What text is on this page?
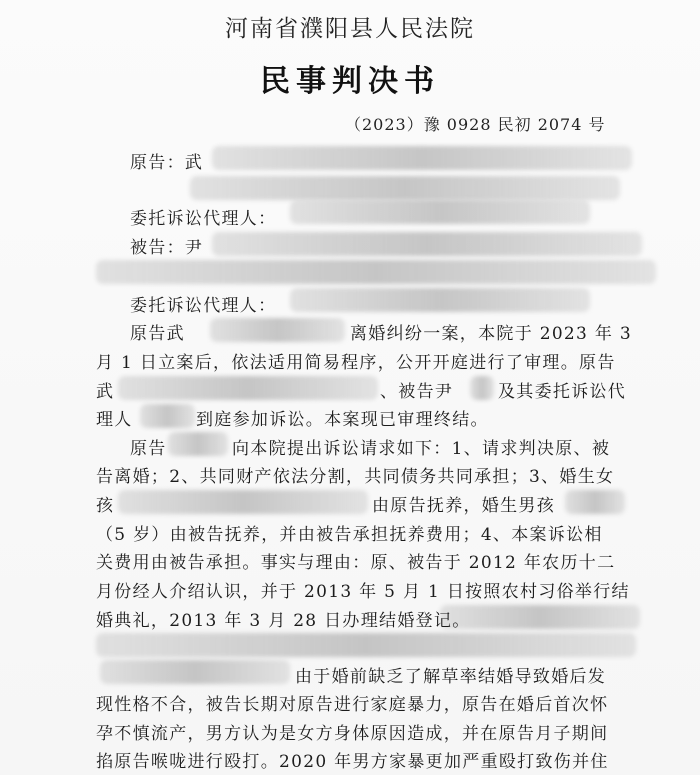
河南省濮阳县人民法院
民事判决书
（2023）豫 0928 民初 2074 号
原告：武
委托诉讼代理人：
被告：尹
委托诉讼代理人：
原告武	离婚纠纷一案，本院于 2023 年 3
月 1 日立案后，依法适用简易程序，公开开庭进行了审理。原告
武	、被告尹	及其委托诉讼代
理人	到庭参加诉讼。本案现已审理终结。
原告	向本院提出诉讼请求如下：1、请求判决原、被
告离婚；2、共同财产依法分割，共同债务共同承担；3、婚生女
孩	由原告抚养，婚生男孩
（5 岁）由被告抚养，并由被告承担抚养费用；4、本案诉讼相
关费用由被告承担。事实与理由：原、被告于 2012 年农历十二
月份经人介绍认识，并于 2013 年 5 月 1 日按照农村习俗举行结
婚典礼，2013 年 3 月 28 日办理结婚登记。
由于婚前缺乏了解草率结婚导致婚后发
现性格不合，被告长期对原告进行家庭暴力，原告在婚后首次怀
孕不慎流产，男方认为是女方身体原因造成，并在原告月子期间
掐原告喉咙进行殴打。2020 年男方家暴更加严重殴打致伤并住
